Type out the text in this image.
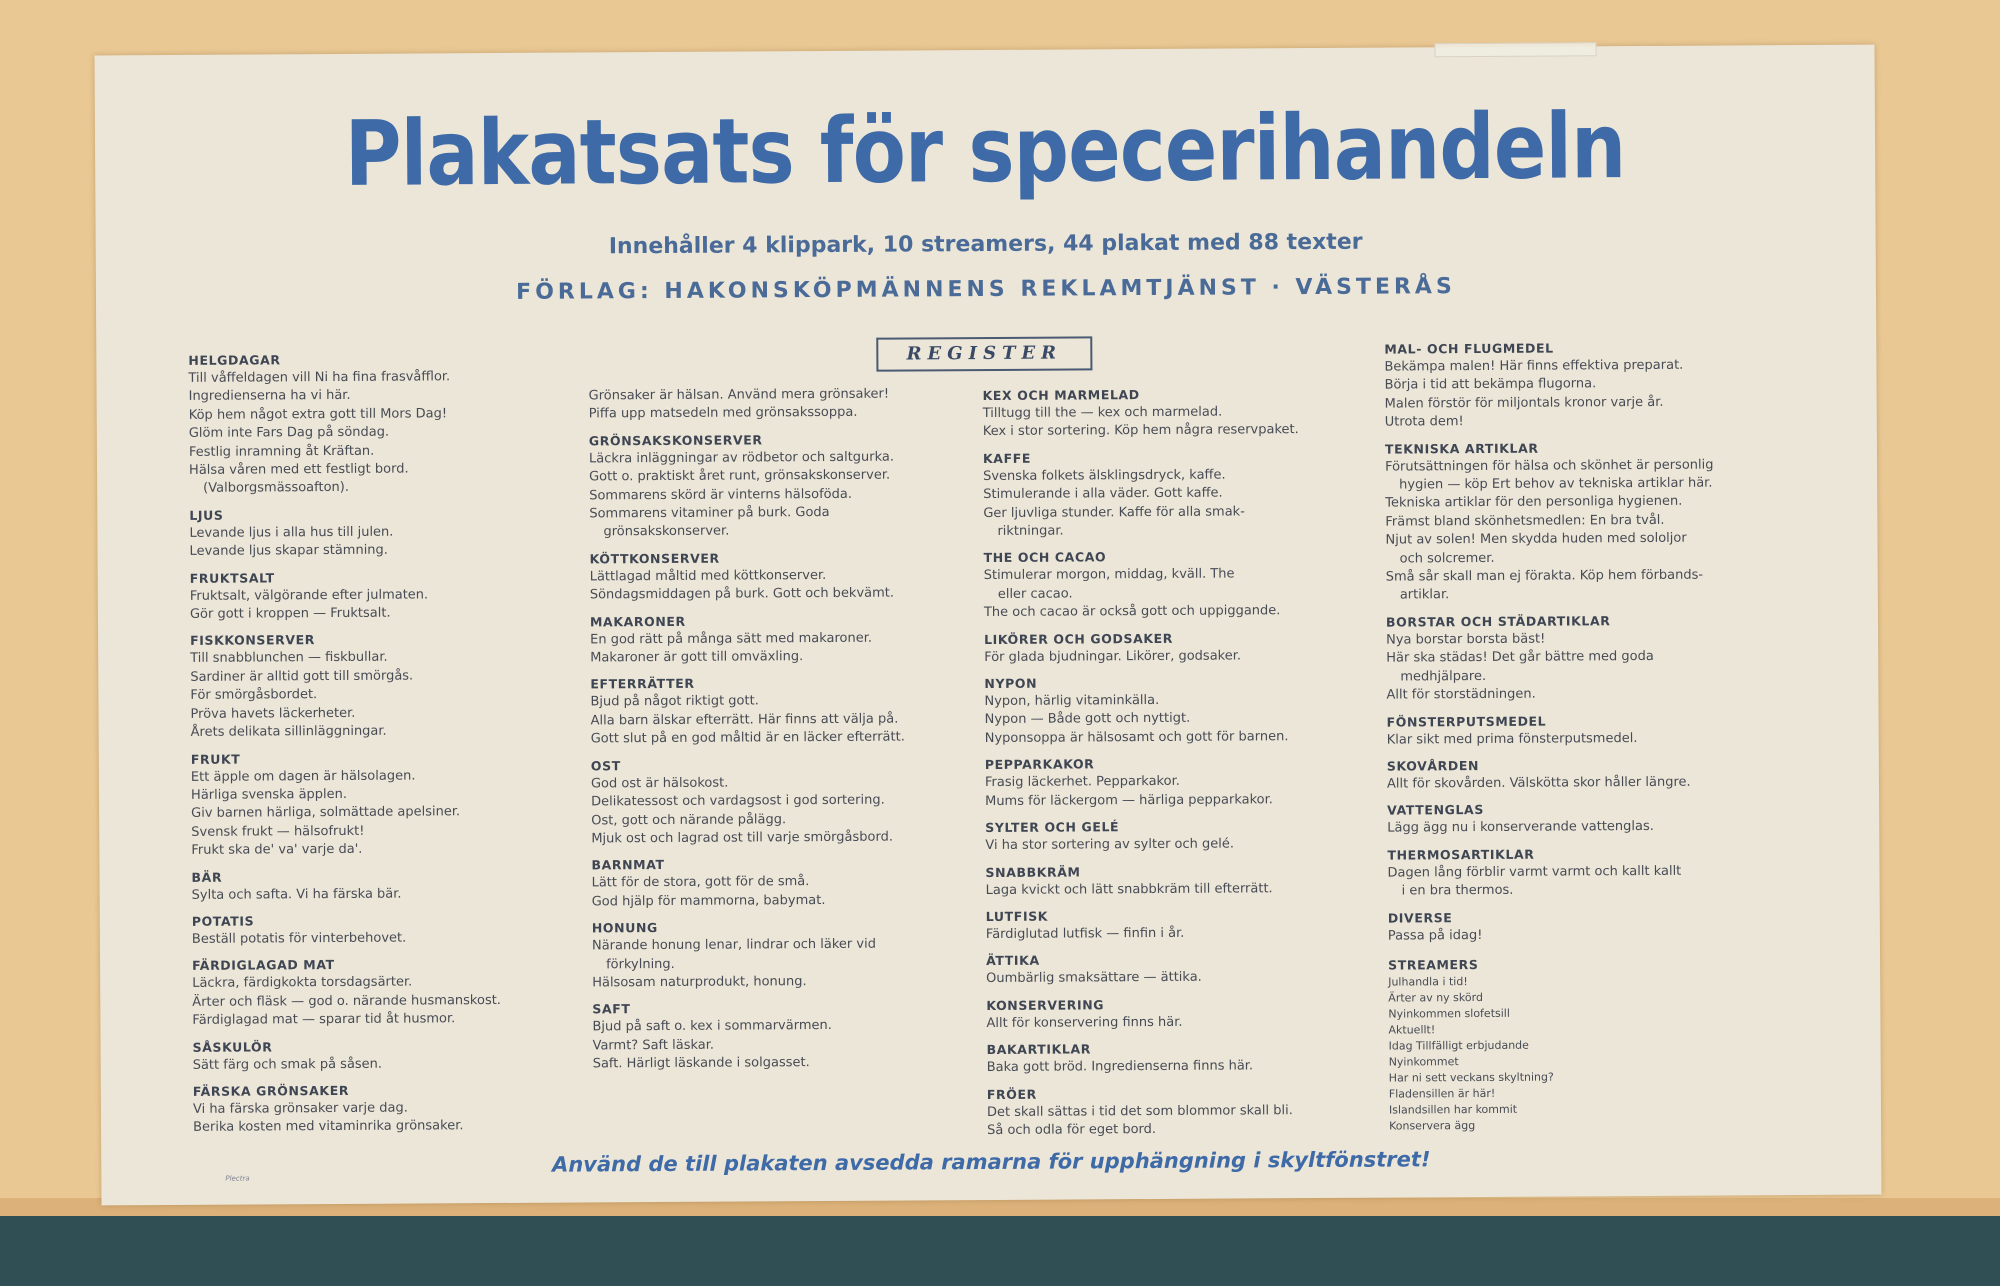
Plakatsats för specerihandeln
Innehåller 4 klippark, 10 streamers, 44 plakat med 88 texter
FÖRLAG: HAKONSKÖPMÄNNENS REKLAMTJÄNST · VÄSTERÅS
REGISTER
HELGDAGAR
Till våffeldagen vill Ni ha fina frasvåfflor.
Ingredienserna ha vi här.
Köp hem något extra gott till Mors Dag!
Glöm inte Fars Dag på söndag.
Festlig inramning åt Kräftan.
Hälsa våren med ett festligt bord.
(Valborgsmässoafton).
LJUS
Levande ljus i alla hus till julen.
Levande ljus skapar stämning.
FRUKTSALT
Fruktsalt, välgörande efter julmaten.
Gör gott i kroppen — Fruktsalt.
FISKKONSERVER
Till snabblunchen — fiskbullar.
Sardiner är alltid gott till smörgås.
För smörgåsbordet.
Pröva havets läckerheter.
Årets delikata sillinläggningar.
FRUKT
Ett äpple om dagen är hälsolagen.
Härliga svenska äpplen.
Giv barnen härliga, solmättade apelsiner.
Svensk frukt — hälsofrukt!
Frukt ska de' va' varje da'.
BÄR
Sylta och safta. Vi ha färska bär.
POTATIS
Beställ potatis för vinterbehovet.
FÄRDIGLAGAD MAT
Läckra, färdigkokta torsdagsärter.
Ärter och fläsk — god o. närande husmanskost.
Färdiglagad mat — sparar tid åt husmor.
SÅSKULÖR
Sätt färg och smak på såsen.
FÄRSKA GRÖNSAKER
Vi ha färska grönsaker varje dag.
Berika kosten med vitaminrika grönsaker.
Grönsaker är hälsan. Använd mera grönsaker!
Piffa upp matsedeln med grönsakssoppa.
GRÖNSAKSKONSERVER
Läckra inläggningar av rödbetor och saltgurka.
Gott o. praktiskt året runt, grönsakskonserver.
Sommarens skörd är vinterns hälsoföda.
Sommarens vitaminer på burk. Goda
grönsakskonserver.
KÖTTKONSERVER
Lättlagad måltid med köttkonserver.
Söndagsmiddagen på burk. Gott och bekvämt.
MAKARONER
En god rätt på många sätt med makaroner.
Makaroner är gott till omväxling.
EFTERRÄTTER
Bjud på något riktigt gott.
Alla barn älskar efterrätt. Här finns att välja på.
Gott slut på en god måltid är en läcker efterrätt.
OST
God ost är hälsokost.
Delikatessost och vardagsost i god sortering.
Ost, gott och närande pålägg.
Mjuk ost och lagrad ost till varje smörgåsbord.
BARNMAT
Lätt för de stora, gott för de små.
God hjälp för mammorna, babymat.
HONUNG
Närande honung lenar, lindrar och läker vid
förkylning.
Hälsosam naturprodukt, honung.
SAFT
Bjud på saft o. kex i sommarvärmen.
Varmt? Saft läskar.
Saft. Härligt läskande i solgasset.
KEX OCH MARMELAD
Tilltugg till the — kex och marmelad.
Kex i stor sortering. Köp hem några reservpaket.
KAFFE
Svenska folkets älsklingsdryck, kaffe.
Stimulerande i alla väder. Gott kaffe.
Ger ljuvliga stunder. Kaffe för alla smak-
riktningar.
THE OCH CACAO
Stimulerar morgon, middag, kväll. The
eller cacao.
The och cacao är också gott och uppiggande.
LIKÖRER OCH GODSAKER
För glada bjudningar. Likörer, godsaker.
NYPON
Nypon, härlig vitaminkälla.
Nypon — Både gott och nyttigt.
Nyponsoppa är hälsosamt och gott för barnen.
PEPPARKAKOR
Frasig läckerhet. Pepparkakor.
Mums för läckergom — härliga pepparkakor.
SYLTER OCH GELÉ
Vi ha stor sortering av sylter och gelé.
SNABBKRÄM
Laga kvickt och lätt snabbkräm till efterrätt.
LUTFISK
Färdiglutad lutfisk — finfin i år.
ÄTTIKA
Oumbärlig smaksättare — ättika.
KONSERVERING
Allt för konservering finns här.
BAKARTIKLAR
Baka gott bröd. Ingredienserna finns här.
FRÖER
Det skall sättas i tid det som blommor skall bli.
Så och odla för eget bord.
MAL- OCH FLUGMEDEL
Bekämpa malen! Här finns effektiva preparat.
Börja i tid att bekämpa flugorna.
Malen förstör för miljontals kronor varje år.
Utrota dem!
TEKNISKA ARTIKLAR
Förutsättningen för hälsa och skönhet är personlig
hygien — köp Ert behov av tekniska artiklar här.
Tekniska artiklar för den personliga hygienen.
Främst bland skönhetsmedlen: En bra tvål.
Njut av solen! Men skydda huden med sololjor
och solcremer.
Små sår skall man ej förakta. Köp hem förbands-
artiklar.
BORSTAR OCH STÄDARTIKLAR
Nya borstar borsta bäst!
Här ska städas! Det går bättre med goda
medhjälpare.
Allt för storstädningen.
FÖNSTERPUTSMEDEL
Klar sikt med prima fönsterputsmedel.
SKOVÅRDEN
Allt för skovården. Välskötta skor håller längre.
VATTENGLAS
Lägg ägg nu i konserverande vattenglas.
THERMOSARTIKLAR
Dagen lång förblir varmt varmt och kallt kallt
i en bra thermos.
DIVERSE
Passa på idag!
STREAMERS
Julhandla i tid!
Ärter av ny skörd
Nyinkommen slofetsill
Aktuellt!
Idag Tillfälligt erbjudande
Nyinkommet
Har ni sett veckans skyltning?
Fladensillen är här!
Islandsillen har kommit
Konservera ägg
Använd de till plakaten avsedda ramarna för upphängning i skyltfönstret!
Plectra
